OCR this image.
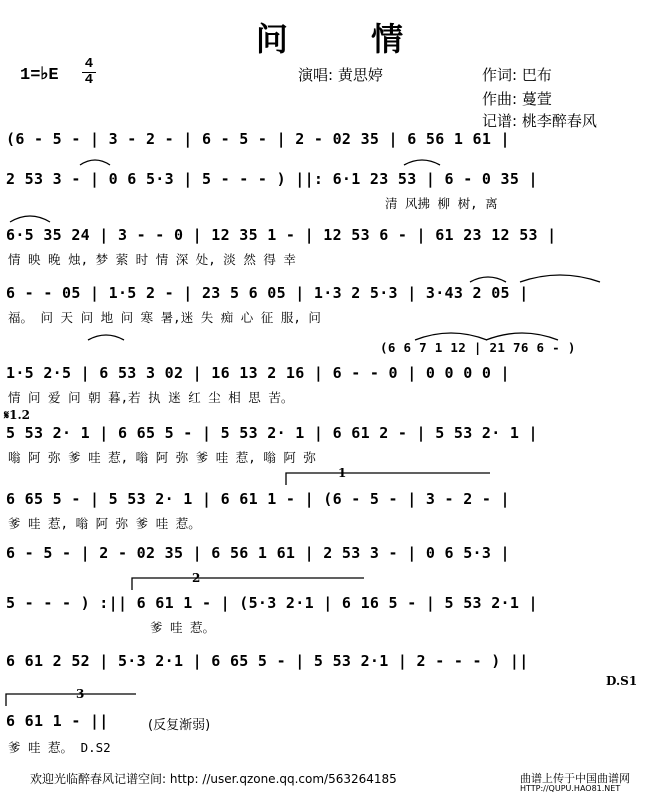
问 情
1=♭E
4
4	演唱: 黄思婷	作词: 巴布
作曲: 蔓萱
记谱: 桃李醉春风
1
2
3
(6 - 5 - | 3 - 2 - | 6 - 5 - | 2 - 02 35 | 6 56 1 61 |
2 53 3 - | 0 6 5·3 | 5 - - - ) ||: 6·1 23 53 | 6 - 0 35 |
清 风拂 柳 树, 离
6·5 35 24 | 3 - - 0 | 12 35 1 - | 12 53 6 - | 61 23 12 53 |
情 映 晚 烛, 梦 萦 时 情 深 处, 淡 然 得 幸
6 - - 05 | 1·5 2 - | 23 5 6 05 | 1·3 2 5·3 | 3·43 2 05 |
福。 问 天 问 地 问 寒 暑,迷 失 痴 心 征 服, 问
(6 6 7 1 12 | 21 76 6 - )
1·5 2·5 | 6 53 3 02 | 16 13 2 16 | 6 - - 0 | 0 0 0 0 |
情 问 爱 问 朝 暮,若 执 迷 红 尘 相 思 苦。
𝄋1.2
5 53 2· 1 | 6 65 5 - | 5 53 2· 1 | 6 61 2 - | 5 53 2· 1 |
嗡 阿 弥 爹 哇 惹, 嗡 阿 弥 爹 哇 惹, 嗡 阿 弥
6 65 5 - | 5 53 2· 1 | 6 61 1 - | (6 - 5 - | 3 - 2 - |
爹 哇 惹, 嗡 阿 弥 爹 哇 惹。
6 - 5 - | 2 - 02 35 | 6 56 1 61 | 2 53 3 - | 0 6 5·3 |
5 - - - ) :|| 6 61 1 - | (5·3 2·1 | 6 16 5 - | 5 53 2·1 |
爹 哇 惹。
6 61 2 52 | 5·3 2·1 | 6 65 5 - | 5 53 2·1 | 2 - - - ) ||
D.S1
6 61 1 - ||	(反复渐弱)
爹 哇 惹。 D.S2
欢迎光临醉春风记谱空间: http: //user.qzone.qq.com/563264185	曲谱上传于中国曲谱网
HTTP://QUPU.HAO81.NET
